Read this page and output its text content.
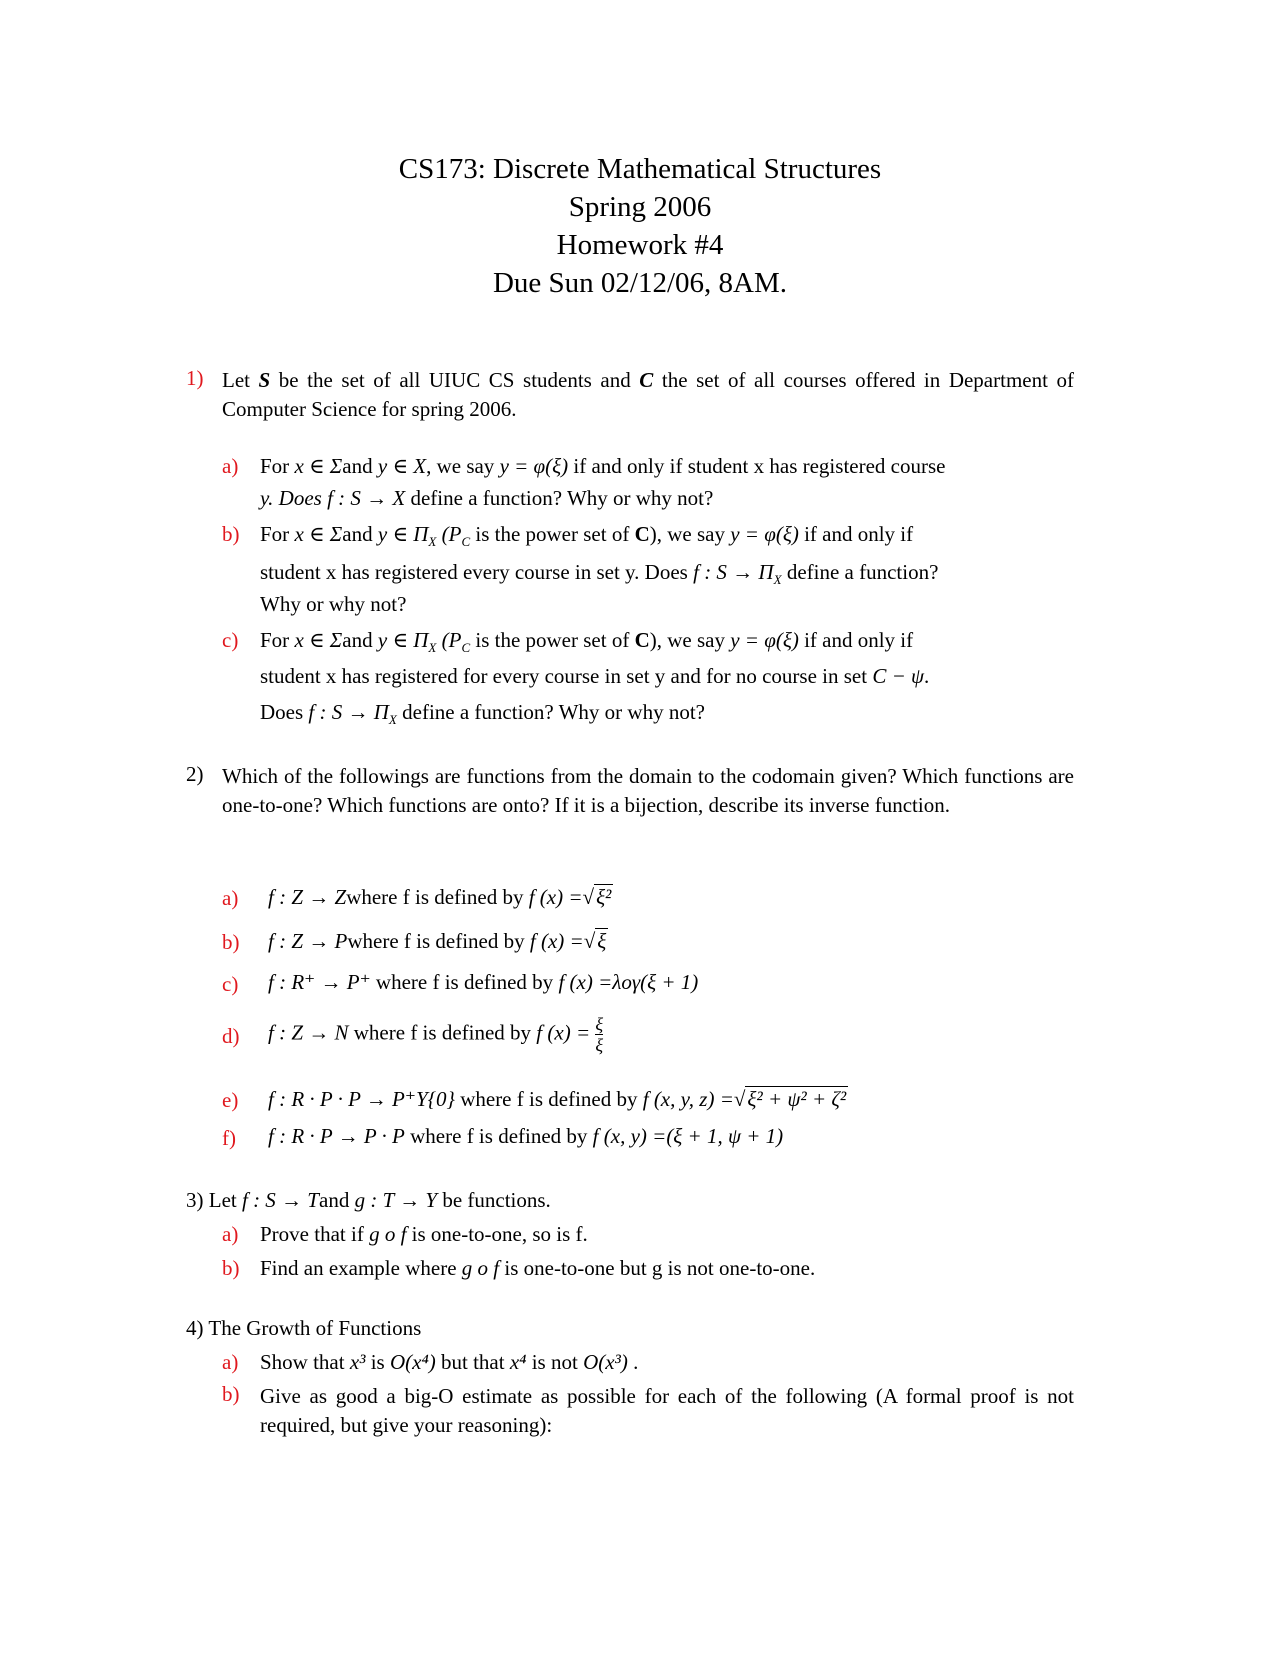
CS173: Discrete Mathematical Structures
Spring 2006
Homework #4
Due Sun 02/12/06, 8AM.
1) Let S be the set of all UIUC CS students and C the set of all courses offered in Department of Computer Science for spring 2006.
a) For x ∈ Σand y ∈ X, we say y = φ(ξ) if and only if student x has registered course
y. Does f : S → X define a function? Why or why not?
b) For x ∈ Σand y ∈ $\Pi_X$ ($P_C$ is the power set of C), we say y = φ(ξ) if and only if
student x has registered every course in set y. Does f : $S \to \Pi_X$ define a function?
Why or why not?
c) For x ∈ Σand y ∈ $\Pi_X$ ($P_C$ is the power set of C), we say y = φ(ξ) if and only if
student x has registered for every course in set y and for no course in set C − ψ.
Does f : $S \to \Pi_X$ define a function? Why or why not?
2) Which of the followings are functions from the domain to the codomain given? Which functions are one-to-one? Which functions are onto? If it is a bijection, describe its inverse function.
a) f : Z → Zwhere f is defined by f (x) =√ξ²
b) f : Z → Pwhere f is defined by f (x) =√ξ
c) f : R⁺ → P⁺ where f is defined by f (x) =λoγ(ξ + 1)
d) f : Z → N where f is defined by f $(x) = \frac{\xi}{\xi}$
e) f : R · P · P → P⁺Y{0} where f is defined by f (x, y, z) =√ξ² + ψ² + ζ²
f) f : R · P → P · P where f is defined by f (x, y) =(ξ + 1, ψ + 1)
3) Let f : S → Tand g : T → Y be functions.
a) Prove that if g o f is one-to-one, so is f.
b) Find an example where g o f is one-to-one but g is not one-to-one.
4) The Growth of Functions
a) Show that x³ is O(x⁴) but that x⁴ is not O(x³) .
b) Give as good a big-O estimate as possible for each of the following (A formal proof is not required, but give your reasoning):
